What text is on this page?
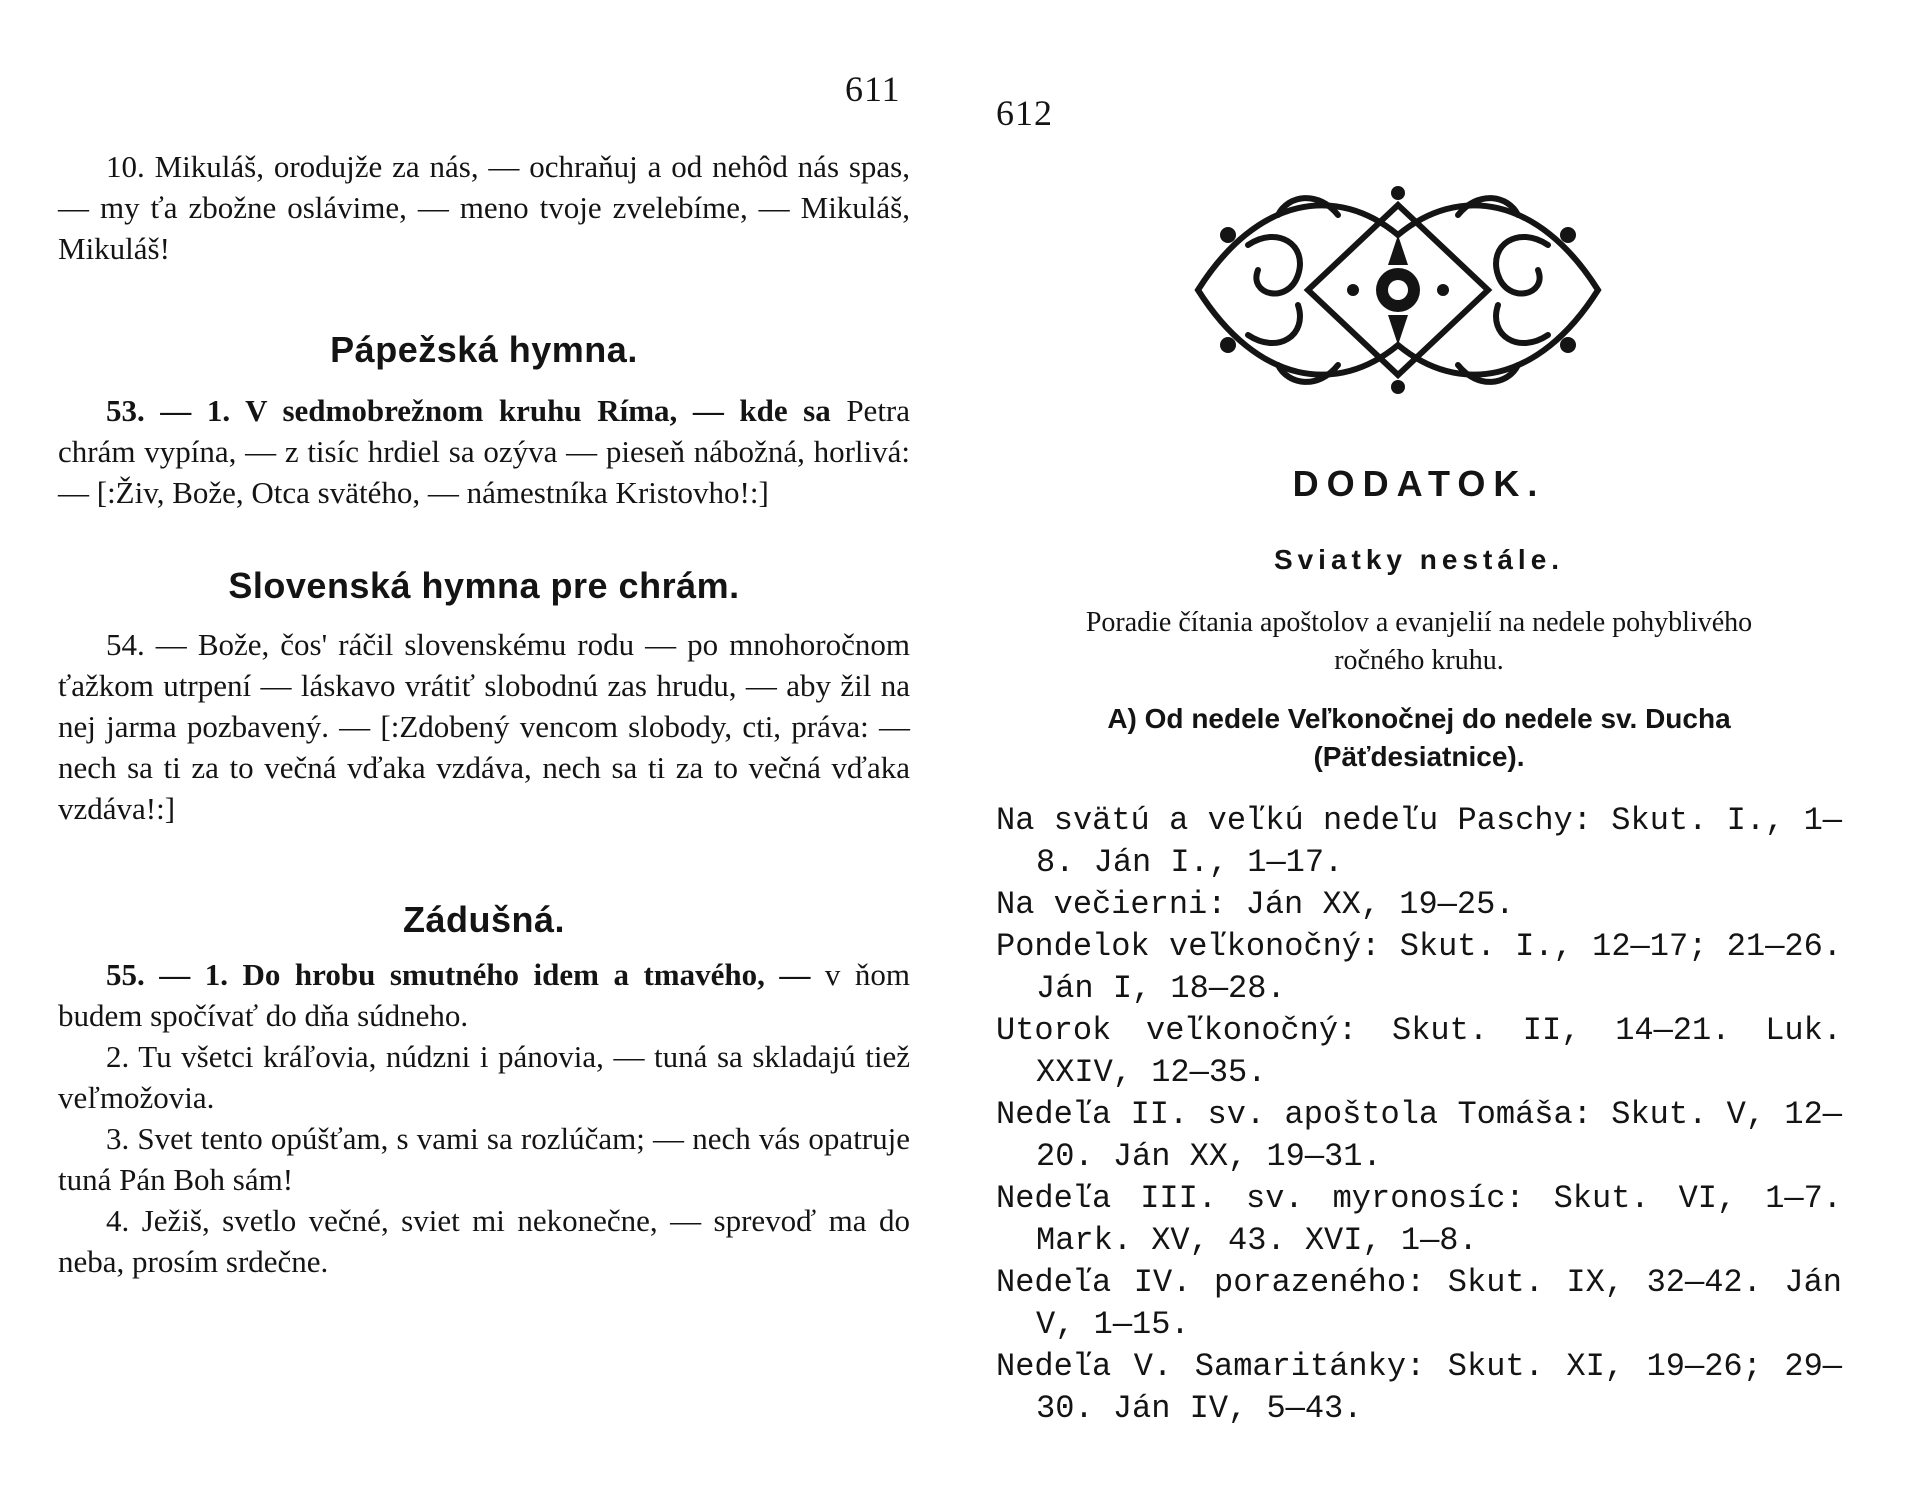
611

10. Mikuláš, orodujže za nás, — ochraňuj a od nehôd nás spas, — my ťa zbožne oslávime, — meno tvoje zvelebíme, — Mikuláš, Mikuláš!

Pápežská hymna.

53. — 1. V sedmobrežnom kruhu Ríma, — kde sa Petra chrám vypína, — z tisíc hrdiel sa ozýva — pieseň nábožná, horlivá: — [:Živ, Bože, Otca svätého, — námestníka Kristovho!:]

Slovenská hymna pre chrám.

54. — Bože, čos' ráčil slovenskému rodu — po mnohoročnom ťažkom utrpení — láskavo vrátiť slobodnú zas hrudu, — aby žil na nej jarma pozbavený. — [:Zdobený vencom slobody, cti, práva: — nech sa ti za to večná vďaka vzdáva, nech sa ti za to večná vďaka vzdáva!:]

Zádušná.

55. — 1. Do hrobu smutného idem a tmavého, — v ňom budem spočívať do dňa súdneho.

2. Tu všetci kráľovia, núdzni i pánovia, — tuná sa skladajú tiež veľmožovia.

3. Svet tento opúšťam, s vami sa rozlúčam; — nech vás opatruje tuná Pán Boh sám!

4. Ježiš, svetlo večné, sviet mi nekonečne, — sprevoď ma do neba, prosím srdečne.

612
DODATOK.
Sviatky nestále.

Poradie čítania apoštolov a evanjelií na nedele pohyblivého ročného kruhu.

A) Od nedele Veľkonočnej do nedele sv. Ducha (Päťdesiatnice).

Na svätú a veľkú nedeľu Paschy: Skut. I., 1—8. Ján I., 1—17.
Na večierni: Ján XX, 19—25.
Pondelok veľkonočný: Skut. I., 12—17; 21—26. Ján I, 18—28.
Utorok veľkonočný: Skut. II, 14—21. Luk. XXIV, 12—35.
Nedeľa II. sv. apoštola Tomáša: Skut. V, 12—20. Ján XX, 19—31.
Nedeľa III. sv. myronosíc: Skut. VI, 1—7. Mark. XV, 43. XVI, 1—8.
Nedeľa IV. porazeného: Skut. IX, 32—42. Ján V, 1—15.
Nedeľa V. Samaritánky: Skut. XI, 19—26; 29—30. Ján IV, 5—43.
